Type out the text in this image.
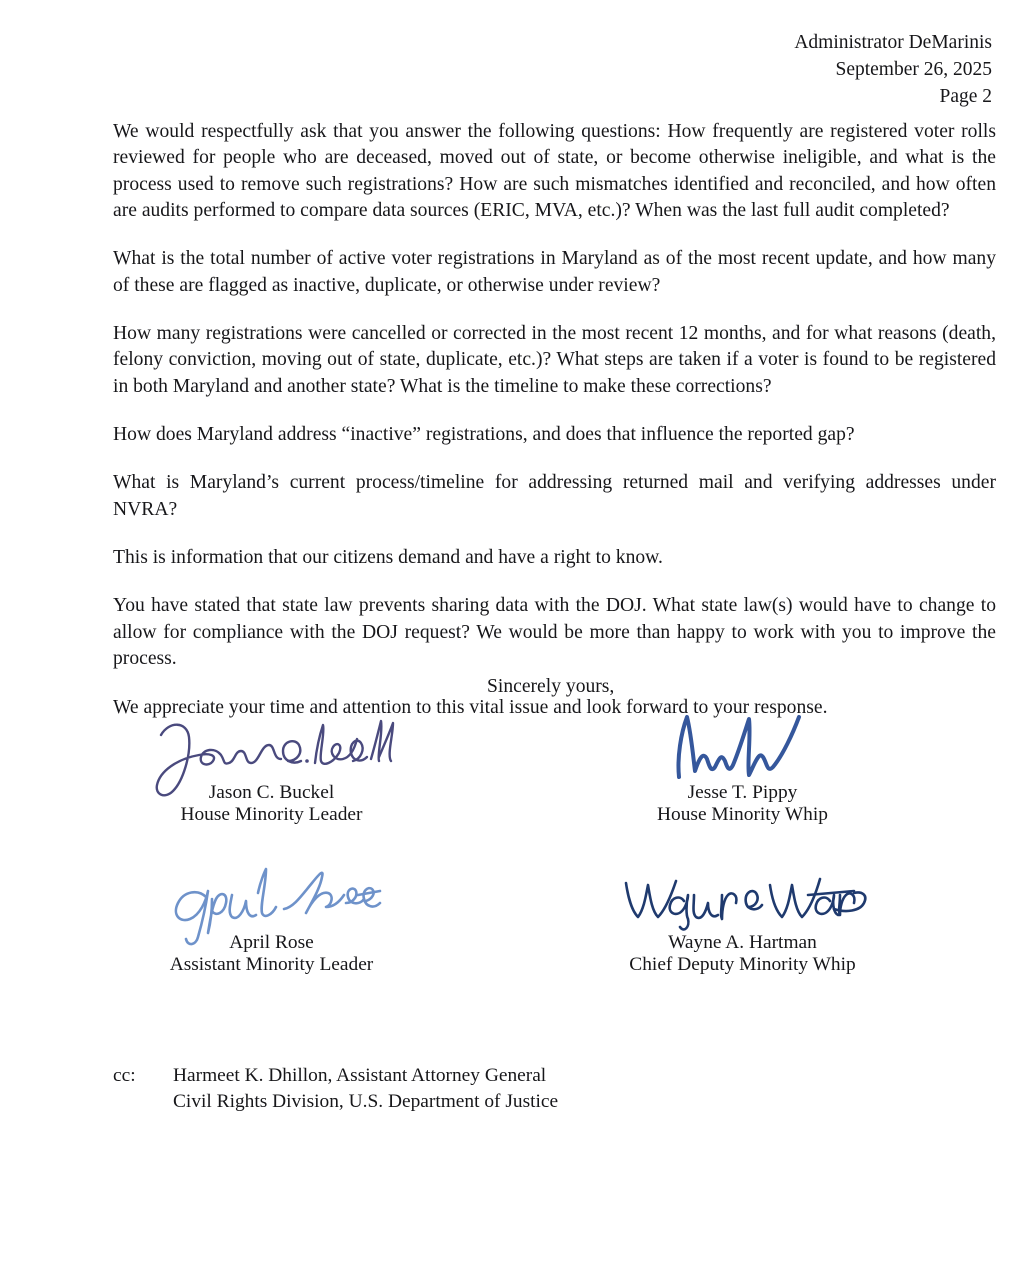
Administrator DeMarinis
September 26, 2025
Page 2

We would respectfully ask that you answer the following questions: How frequently are registered voter rolls reviewed for people who are deceased, moved out of state, or become otherwise ineligible, and what is the process used to remove such registrations? How are such mismatches identified and reconciled, and how often are audits performed to compare data sources (ERIC, MVA, etc.)? When was the last full audit completed?

What is the total number of active voter registrations in Maryland as of the most recent update, and how many of these are flagged as inactive, duplicate, or otherwise under review?

How many registrations were cancelled or corrected in the most recent 12 months, and for what reasons (death, felony conviction, moving out of state, duplicate, etc.)? What steps are taken if a voter is found to be registered in both Maryland and another state? What is the timeline to make these corrections?

How does Maryland address “inactive” registrations, and does that influence the reported gap?

What is Maryland’s current process/timeline for addressing returned mail and verifying addresses under NVRA?

This is information that our citizens demand and have a right to know.

You have stated that state law prevents sharing data with the DOJ. What state law(s) would have to change to allow for compliance with the DOJ request? We would be more than happy to work with you to improve the process.

We appreciate your time and attention to this vital issue and look forward to your response.

Sincerely yours,
Jason C. Buckel
House Minority Leader
Jesse T. Pippy
House Minority Whip
April Rose
Assistant Minority Leader
Wayne A. Hartman
Chief Deputy Minority Whip
cc:	Harmeet K. Dhillon, Assistant Attorney General
Civil Rights Division, U.S. Department of Justice
